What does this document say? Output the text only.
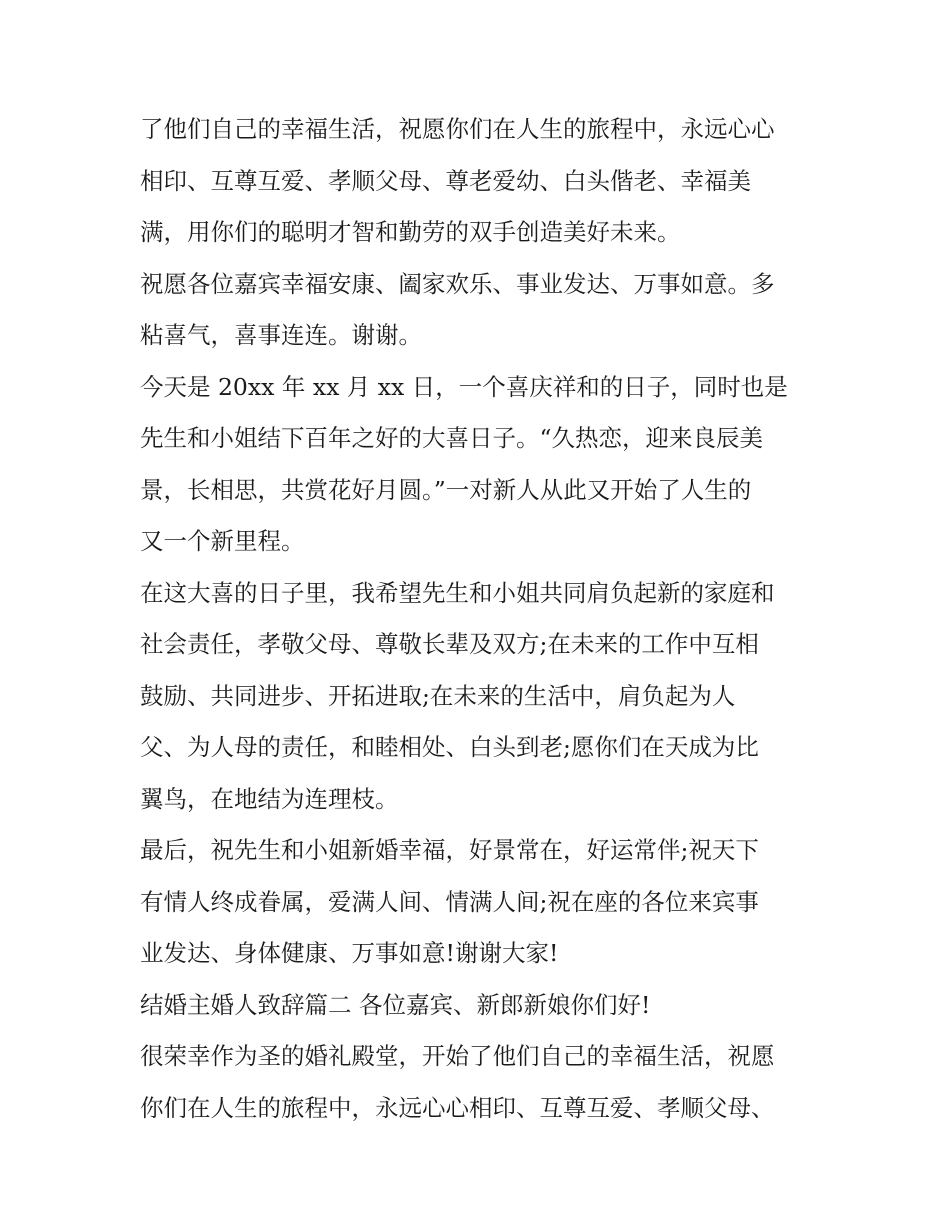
了他们自己的幸福生活，祝愿你们在人生的旅程中，永远心心
相印、互尊互爱、孝顺父母、尊老爱幼、白头偕老、幸福美
满，用你们的聪明才智和勤劳的双手创造美好未来。
祝愿各位嘉宾幸福安康、阖家欢乐、事业发达、万事如意。多
粘喜气，喜事连连。谢谢。
今天是 20xx 年 xx 月 xx 日，一个喜庆祥和的日子，同时也是
先生和小姐结下百年之好的大喜日子。“久热恋，迎来良辰美
景，长相思，共赏花好月圆。”一对新人从此又开始了人生的
又一个新里程。
在这大喜的日子里，我希望先生和小姐共同肩负起新的家庭和
社会责任，孝敬父母、尊敬长辈及双方;在未来的工作中互相
鼓励、共同进步、开拓进取;在未来的生活中，肩负起为人
父、为人母的责任，和睦相处、白头到老;愿你们在天成为比
翼鸟，在地结为连理枝。
最后，祝先生和小姐新婚幸福，好景常在，好运常伴;祝天下
有情人终成眷属，爱满人间、情满人间;祝在座的各位来宾事
业发达、身体健康、万事如意!谢谢大家!
结婚主婚人致辞篇二 各位嘉宾、新郎新娘你们好!
很荣幸作为圣的婚礼殿堂，开始了他们自己的幸福生活，祝愿
你们在人生的旅程中，永远心心相印、互尊互爱、孝顺父母、
